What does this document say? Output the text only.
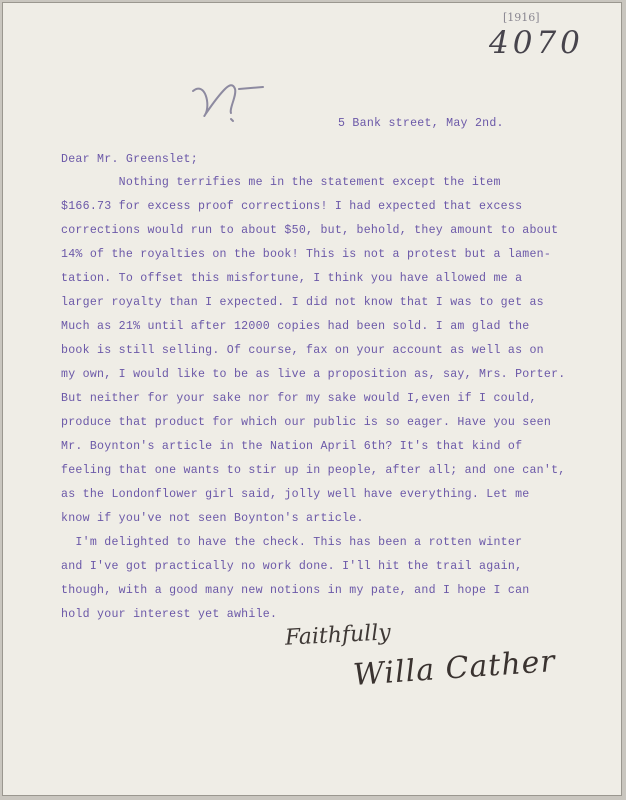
[1916]
4070
5 Bank street, May 2nd.
Dear Mr. Greenslet;
Nothing terrifies me in the statement except the item
$166.73 for excess proof corrections! I had expected that excess
corrections would run to about $50, but, behold, they amount to about
14% of the royalties on the book! This is not a protest but a lamen-
tation. To offset this misfortune, I think you have allowed me a
larger royalty than I expected. I did not know that I was to get as
Much as 21% until after 12000 copies had been sold. I am glad the
book is still selling. Of course, fax on your account as well as on
my own, I would like to be as live a proposition as, say, Mrs. Porter.
But neither for your sake nor for my sake would I,even if I could,
produce that product for which our public is so eager. Have you seen
Mr. Boynton's article in the Nation April 6th? It's that kind of
feeling that one wants to stir up in people, after all; and one can't,
as the Londonflower girl said, jolly well have everything. Let me
know if you've not seen Boynton's article.
I'm delighted to have the check. This has been a rotten winter
and I've got practically no work done. I'll hit the trail again,
though, with a good many new notions in my pate, and I hope I can
hold your interest yet awhile.
Faithfully
Willa Cather
